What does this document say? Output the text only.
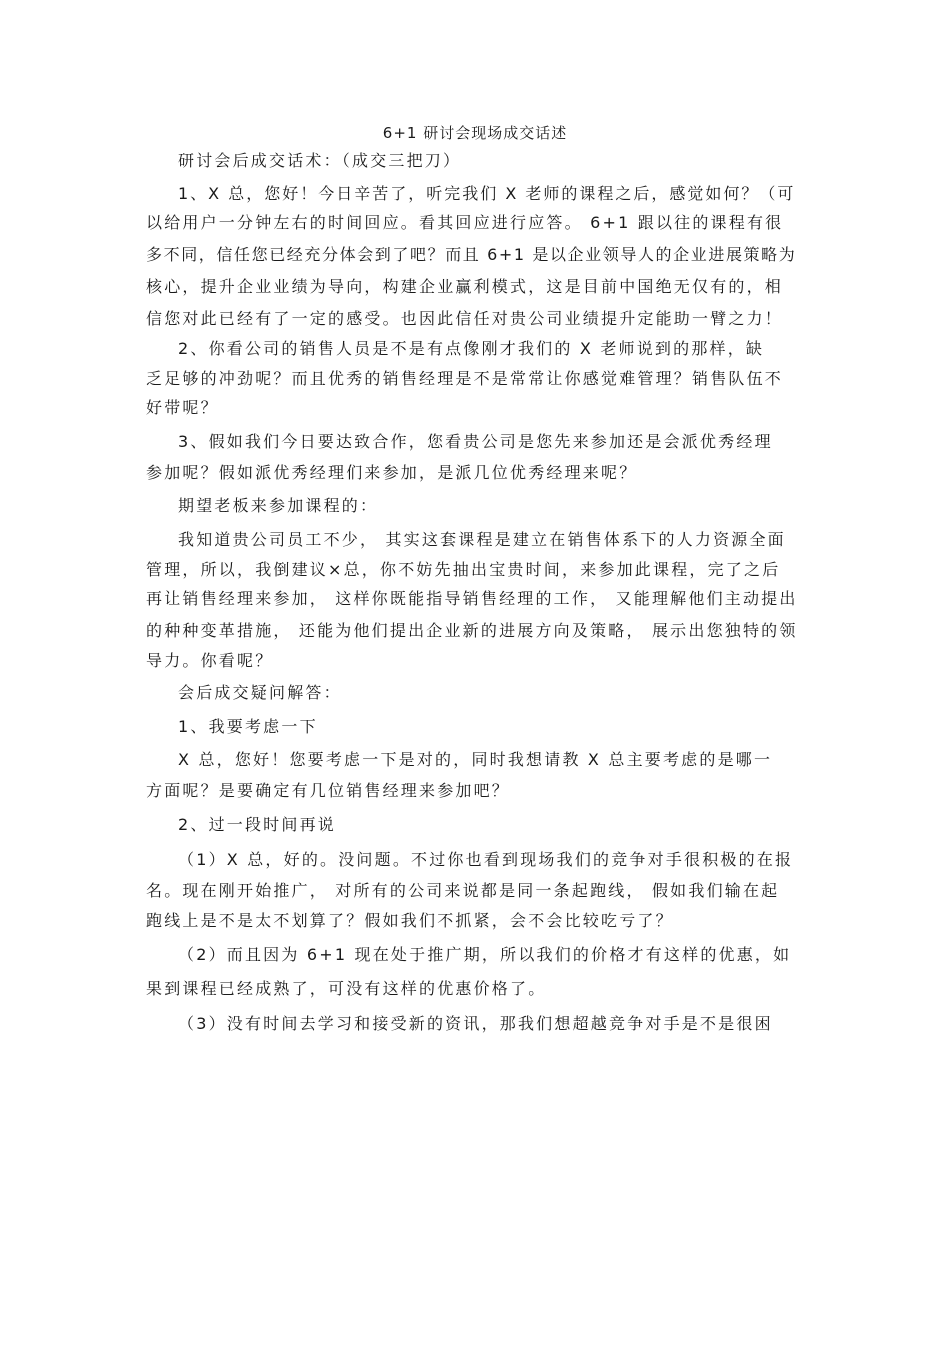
6+1 研讨会现场成交话述
研讨会后成交话术：（成交三把刀）
1、X 总，您好！今日辛苦了，听完我们 X 老师的课程之后，感觉如何？（可
以给用户一分钟左右的时间回应。看其回应进行应答。 6+1 跟以往的课程有很
多不同，信任您已经充分体会到了吧？而且 6+1 是以企业领导人的企业进展策略为
核心，提升企业业绩为导向，构建企业赢利模式，这是目前中国绝无仅有的，相
信您对此已经有了一定的感受。也因此信任对贵公司业绩提升定能助一臂之力！
2、你看公司的销售人员是不是有点像刚才我们的 X 老师说到的那样，缺
乏足够的冲劲呢？而且优秀的销售经理是不是常常让你感觉难管理？销售队伍不
好带呢？
3、假如我们今日要达致合作，您看贵公司是您先来参加还是会派优秀经理
参加呢？假如派优秀经理们来参加，是派几位优秀经理来呢？
期望老板来参加课程的：
我知道贵公司员工不少， 其实这套课程是建立在销售体系下的人力资源全面
管理，所以，我倒建议×总，你不妨先抽出宝贵时间，来参加此课程，完了之后
再让销售经理来参加， 这样你既能指导销售经理的工作， 又能理解他们主动提出
的种种变革措施， 还能为他们提出企业新的进展方向及策略， 展示出您独特的领
导力。你看呢？
会后成交疑问解答：
1、我要考虑一下
X 总，您好！您要考虑一下是对的，同时我想请教 X 总主要考虑的是哪一
方面呢？是要确定有几位销售经理来参加吧？
2、过一段时间再说
（1）X 总，好的。没问题。不过你也看到现场我们的竞争对手很积极的在报
名。现在刚开始推广， 对所有的公司来说都是同一条起跑线， 假如我们输在起
跑线上是不是太不划算了？假如我们不抓紧，会不会比较吃亏了？
（2）而且因为 6+1 现在处于推广期，所以我们的价格才有这样的优惠，如
果到课程已经成熟了，可没有这样的优惠价格了。
（3）没有时间去学习和接受新的资讯，那我们想超越竞争对手是不是很困
